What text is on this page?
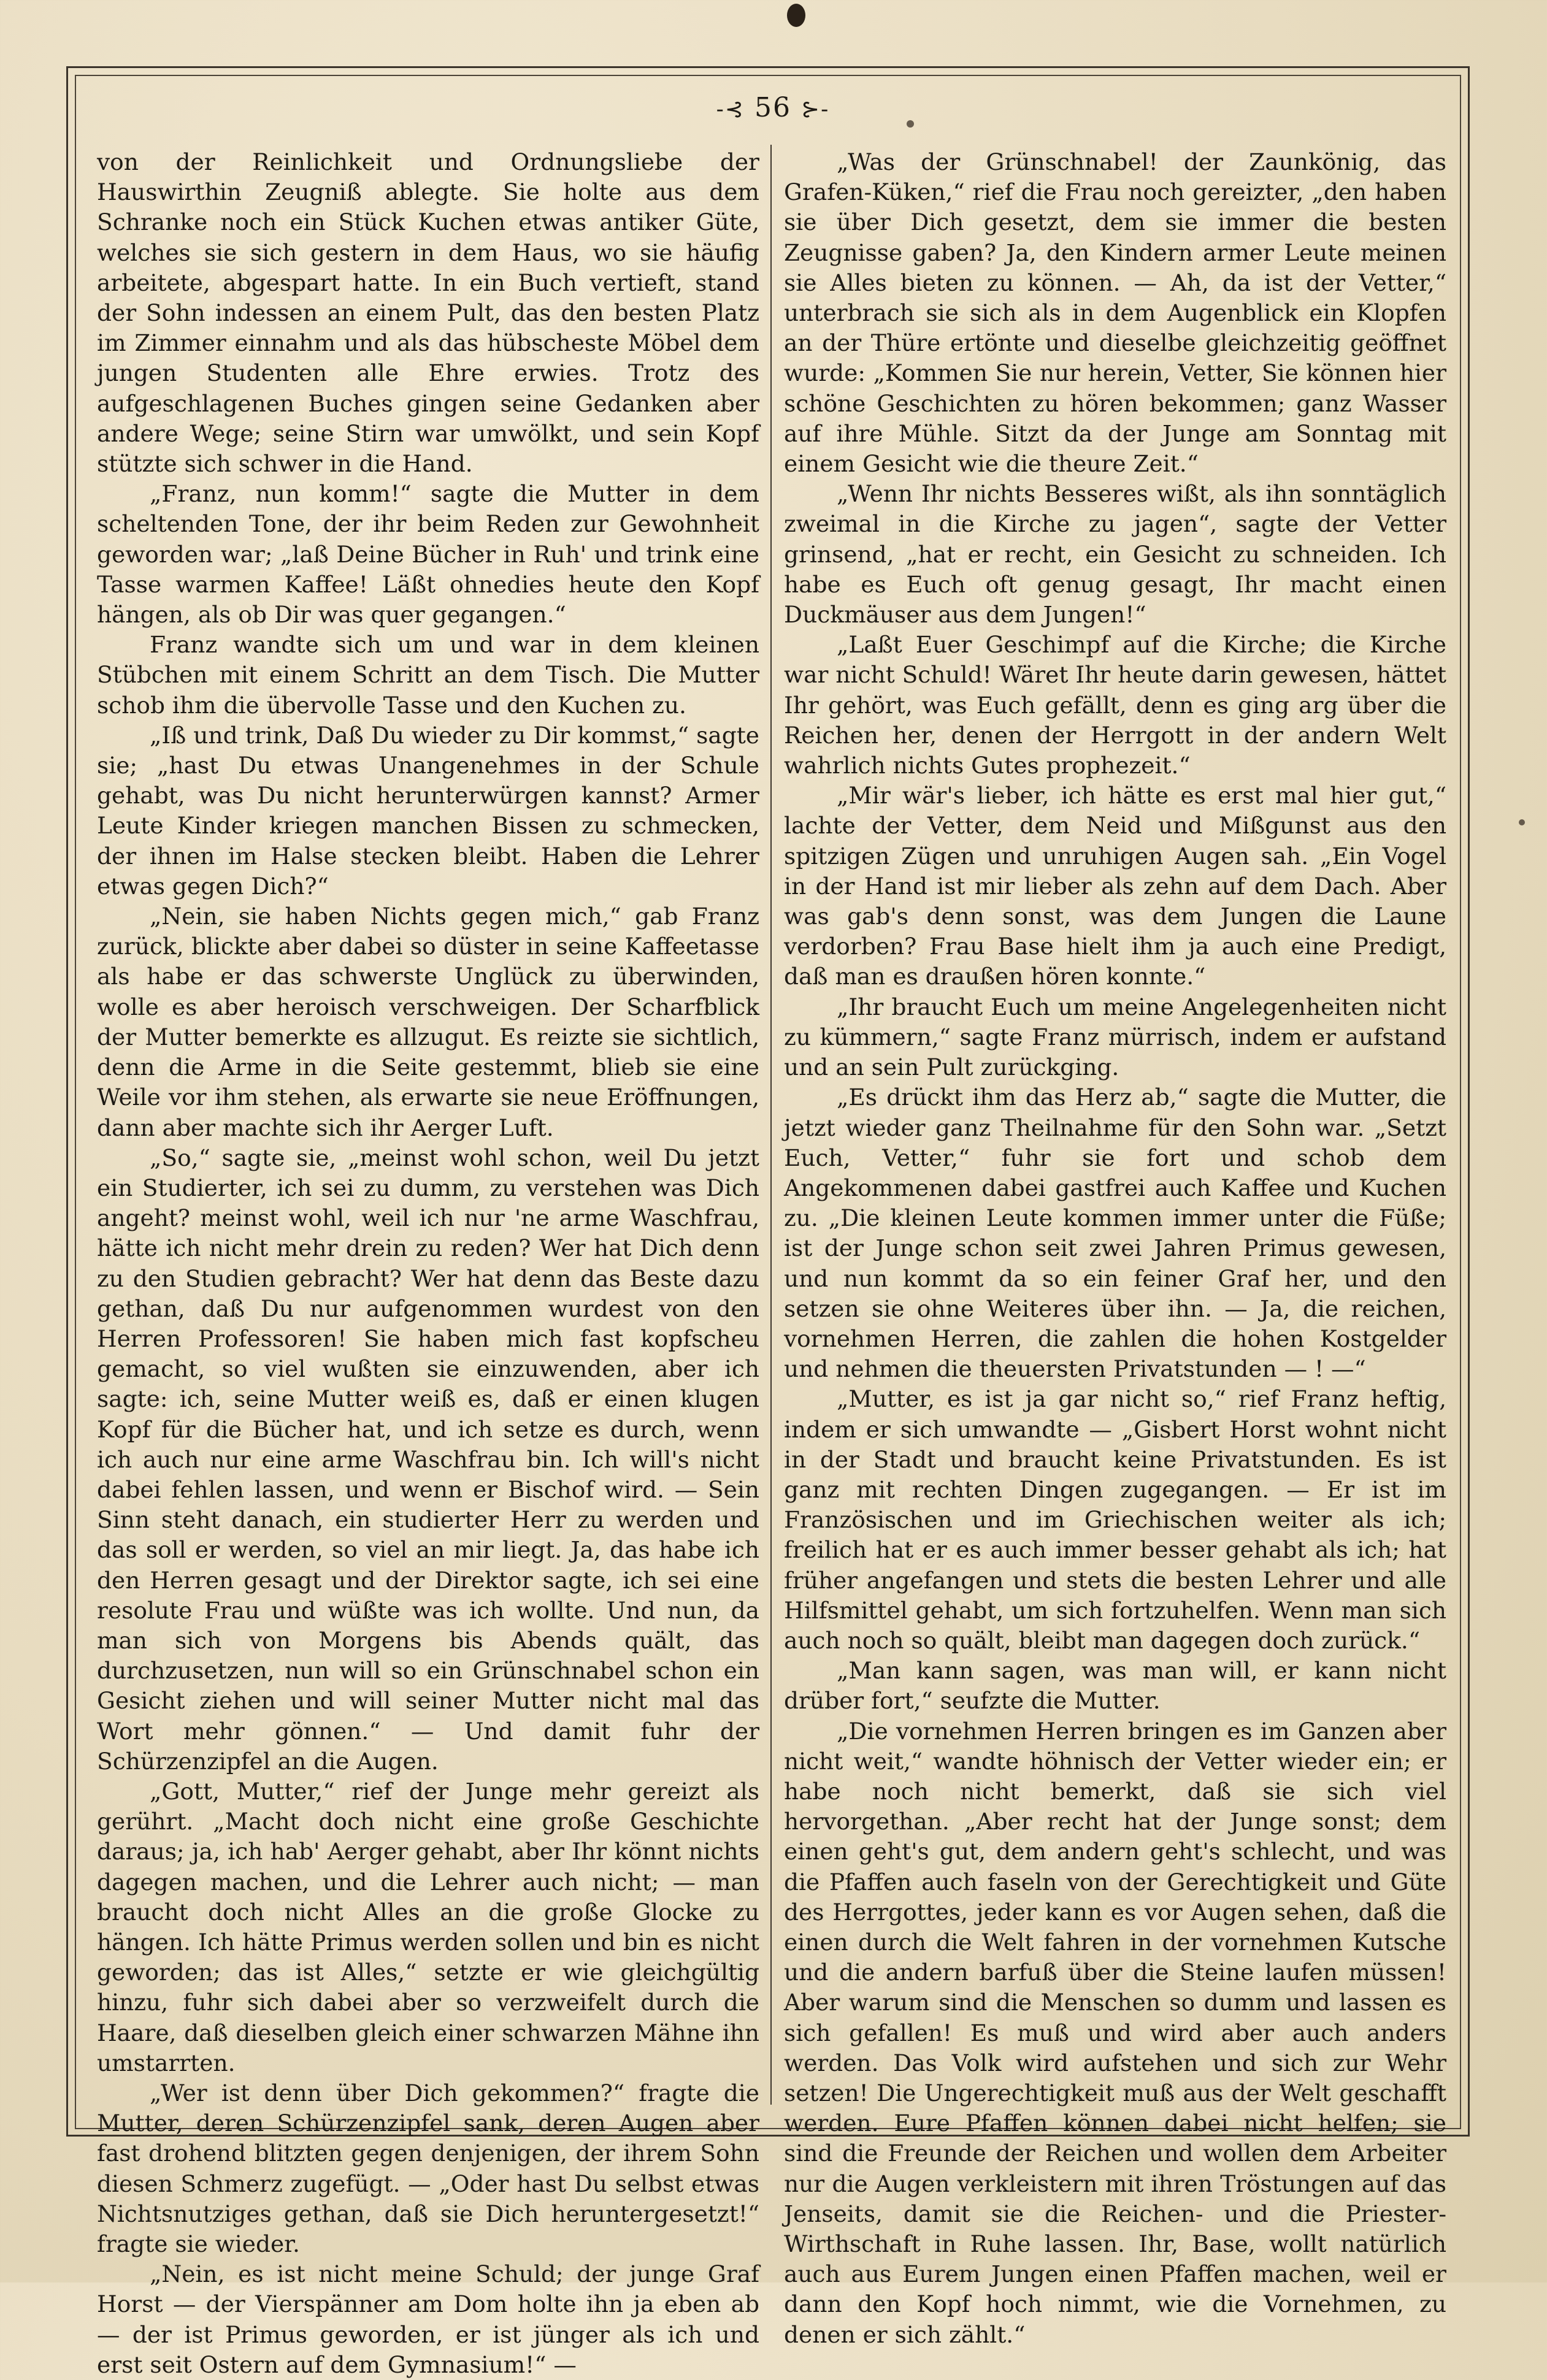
-⊰ 56 ⊱-

von der Reinlichkeit und Ordnungsliebe der Hauswirthin Zeugniß ablegte. Sie holte aus dem Schranke noch ein Stück Kuchen etwas antiker Güte, welches sie sich gestern in dem Haus, wo sie häufig arbeitete, abgespart hatte. In ein Buch vertieft, stand der Sohn indessen an einem Pult, das den besten Platz im Zimmer einnahm und als das hübscheste Möbel dem jungen Studenten alle Ehre erwies. Trotz des aufgeschlagenen Buches gingen seine Gedanken aber andere Wege; seine Stirn war umwölkt, und sein Kopf stützte sich schwer in die Hand.

„Franz, nun komm!“ sagte die Mutter in dem scheltenden Tone, der ihr beim Reden zur Gewohnheit geworden war; „laß Deine Bücher in Ruh' und trink eine Tasse warmen Kaffee! Läßt ohnedies heute den Kopf hängen, als ob Dir was quer gegangen.“

Franz wandte sich um und war in dem kleinen Stübchen mit einem Schritt an dem Tisch. Die Mutter schob ihm die übervolle Tasse und den Kuchen zu.

„Iß und trink, Daß Du wieder zu Dir kommst,“ sagte sie; „hast Du etwas Unangenehmes in der Schule gehabt, was Du nicht herunterwürgen kannst? Armer Leute Kinder kriegen manchen Bissen zu schmecken, der ihnen im Halse stecken bleibt. Haben die Lehrer etwas gegen Dich?“

„Nein, sie haben Nichts gegen mich,“ gab Franz zurück, blickte aber dabei so düster in seine Kaffeetasse als habe er das schwerste Unglück zu überwinden, wolle es aber heroisch verschweigen. Der Scharfblick der Mutter bemerkte es allzugut. Es reizte sie sichtlich, denn die Arme in die Seite gestemmt, blieb sie eine Weile vor ihm stehen, als erwarte sie neue Eröffnungen, dann aber machte sich ihr Aerger Luft.

„So,“ sagte sie, „meinst wohl schon, weil Du jetzt ein Studierter, ich sei zu dumm, zu verstehen was Dich angeht? meinst wohl, weil ich nur 'ne arme Waschfrau, hätte ich nicht mehr drein zu reden? Wer hat Dich denn zu den Studien gebracht? Wer hat denn das Beste dazu gethan, daß Du nur aufgenommen wurdest von den Herren Professoren! Sie haben mich fast kopfscheu gemacht, so viel wußten sie einzuwenden, aber ich sagte: ich, seine Mutter weiß es, daß er einen klugen Kopf für die Bücher hat, und ich setze es durch, wenn ich auch nur eine arme Waschfrau bin. Ich will's nicht dabei fehlen lassen, und wenn er Bischof wird. — Sein Sinn steht danach, ein studierter Herr zu werden und das soll er werden, so viel an mir liegt. Ja, das habe ich den Herren gesagt und der Direktor sagte, ich sei eine resolute Frau und wüßte was ich wollte. Und nun, da man sich von Morgens bis Abends quält, das durchzusetzen, nun will so ein Grünschnabel schon ein Gesicht ziehen und will seiner Mutter nicht mal das Wort mehr gönnen.“ — Und damit fuhr der Schürzenzipfel an die Augen.

„Gott, Mutter,“ rief der Junge mehr gereizt als gerührt. „Macht doch nicht eine große Geschichte daraus; ja, ich hab' Aerger gehabt, aber Ihr könnt nichts dagegen machen, und die Lehrer auch nicht; — man braucht doch nicht Alles an die große Glocke zu hängen. Ich hätte Primus werden sollen und bin es nicht geworden; das ist Alles,“ setzte er wie gleichgültig hinzu, fuhr sich dabei aber so verzweifelt durch die Haare, daß dieselben gleich einer schwarzen Mähne ihn umstarrten.

„Wer ist denn über Dich gekommen?“ fragte die Mutter, deren Schürzenzipfel sank, deren Augen aber fast drohend blitzten gegen denjenigen, der ihrem Sohn diesen Schmerz zugefügt. — „Oder hast Du selbst etwas Nichtsnutziges gethan, daß sie Dich heruntergesetzt!“ fragte sie wieder.

„Nein, es ist nicht meine Schuld; der junge Graf Horst — der Vierspänner am Dom holte ihn ja eben ab — der ist Primus geworden, er ist jünger als ich und erst seit Ostern auf dem Gymnasium!“ —

„Was der Grünschnabel! der Zaunkönig, das Grafen-Küken,“ rief die Frau noch gereizter, „den haben sie über Dich gesetzt, dem sie immer die besten Zeugnisse gaben? Ja, den Kindern armer Leute meinen sie Alles bieten zu können. — Ah, da ist der Vetter,“ unterbrach sie sich als in dem Augenblick ein Klopfen an der Thüre ertönte und dieselbe gleichzeitig geöffnet wurde: „Kommen Sie nur herein, Vetter, Sie können hier schöne Geschichten zu hören bekommen; ganz Wasser auf ihre Mühle. Sitzt da der Junge am Sonntag mit einem Gesicht wie die theure Zeit.“

„Wenn Ihr nichts Besseres wißt, als ihn sonntäglich zweimal in die Kirche zu jagen“, sagte der Vetter grinsend, „hat er recht, ein Gesicht zu schneiden. Ich habe es Euch oft genug gesagt, Ihr macht einen Duckmäuser aus dem Jungen!“

„Laßt Euer Geschimpf auf die Kirche; die Kirche war nicht Schuld! Wäret Ihr heute darin gewesen, hättet Ihr gehört, was Euch gefällt, denn es ging arg über die Reichen her, denen der Herrgott in der andern Welt wahrlich nichts Gutes prophezeit.“

„Mir wär's lieber, ich hätte es erst mal hier gut,“ lachte der Vetter, dem Neid und Mißgunst aus den spitzigen Zügen und unruhigen Augen sah. „Ein Vogel in der Hand ist mir lieber als zehn auf dem Dach. Aber was gab's denn sonst, was dem Jungen die Laune verdorben? Frau Base hielt ihm ja auch eine Predigt, daß man es draußen hören konnte.“

„Ihr braucht Euch um meine Angelegenheiten nicht zu kümmern,“ sagte Franz mürrisch, indem er aufstand und an sein Pult zurückging.

„Es drückt ihm das Herz ab,“ sagte die Mutter, die jetzt wieder ganz Theilnahme für den Sohn war. „Setzt Euch, Vetter,“ fuhr sie fort und schob dem Angekommenen dabei gastfrei auch Kaffee und Kuchen zu. „Die kleinen Leute kommen immer unter die Füße; ist der Junge schon seit zwei Jahren Primus gewesen, und nun kommt da so ein feiner Graf her, und den setzen sie ohne Weiteres über ihn. — Ja, die reichen, vornehmen Herren, die zahlen die hohen Kostgelder und nehmen die theuersten Privatstunden — ! —“

„Mutter, es ist ja gar nicht so,“ rief Franz heftig, indem er sich umwandte — „Gisbert Horst wohnt nicht in der Stadt und braucht keine Privatstunden. Es ist ganz mit rechten Dingen zugegangen. — Er ist im Französischen und im Griechischen weiter als ich; freilich hat er es auch immer besser gehabt als ich; hat früher angefangen und stets die besten Lehrer und alle Hilfsmittel gehabt, um sich fortzuhelfen. Wenn man sich auch noch so quält, bleibt man dagegen doch zurück.“

„Man kann sagen, was man will, er kann nicht drüber fort,“ seufzte die Mutter.

„Die vornehmen Herren bringen es im Ganzen aber nicht weit,“ wandte höhnisch der Vetter wieder ein; er habe noch nicht bemerkt, daß sie sich viel hervorgethan. „Aber recht hat der Junge sonst; dem einen geht's gut, dem andern geht's schlecht, und was die Pfaffen auch faseln von der Gerechtigkeit und Güte des Herrgottes, jeder kann es vor Augen sehen, daß die einen durch die Welt fahren in der vornehmen Kutsche und die andern barfuß über die Steine laufen müssen! Aber warum sind die Menschen so dumm und lassen es sich gefallen! Es muß und wird aber auch anders werden. Das Volk wird aufstehen und sich zur Wehr setzen! Die Ungerechtigkeit muß aus der Welt geschafft werden. Eure Pfaffen können dabei nicht helfen; sie sind die Freunde der Reichen und wollen dem Arbeiter nur die Augen verkleistern mit ihren Tröstungen auf das Jenseits, damit sie die Reichen- und die Priester-Wirthschaft in Ruhe lassen. Ihr, Base, wollt natürlich auch aus Eurem Jungen einen Pfaffen machen, weil er dann den Kopf hoch nimmt, wie die Vornehmen, zu denen er sich zählt.“
